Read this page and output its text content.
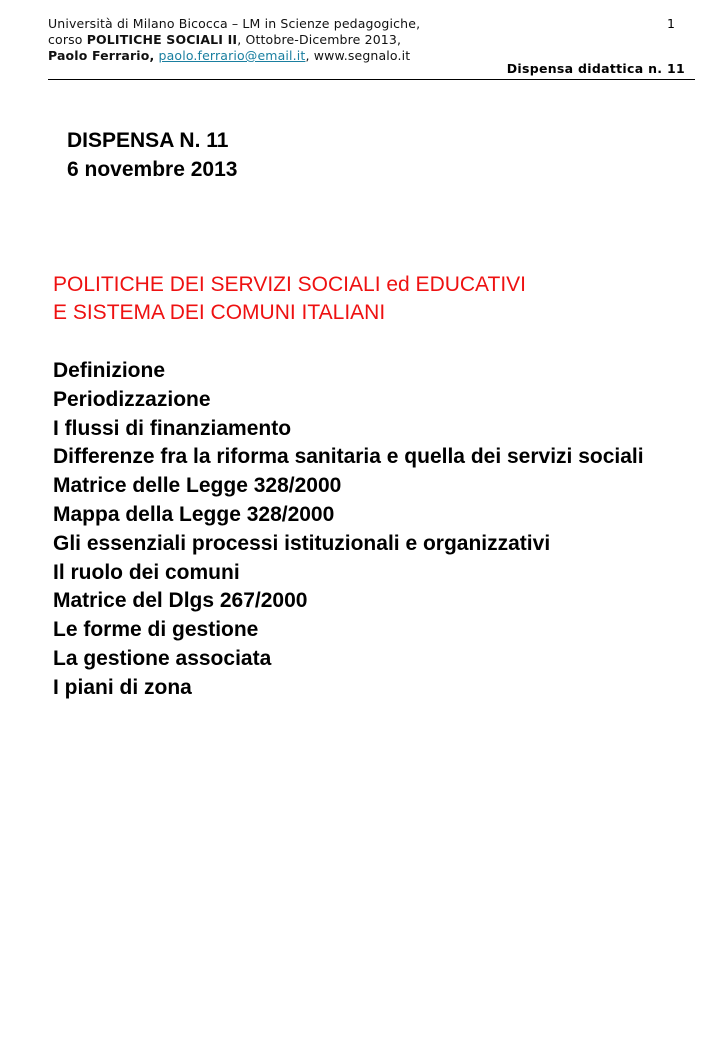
Università di Milano Bicocca – LM in Scienze pedagogiche,
corso POLITICHE SOCIALI II, Ottobre-Dicembre 2013,
Paolo Ferrario, paolo.ferrario@email.it, www.segnalo.it
1
Dispensa didattica n. 11
DISPENSA N. 11
6 novembre 2013
POLITICHE DEI SERVIZI SOCIALI ed EDUCATIVI
E SISTEMA DEI COMUNI ITALIANI
Definizione
Periodizzazione
I flussi di finanziamento
Differenze fra la riforma sanitaria e quella dei servizi sociali
Matrice delle Legge 328/2000
Mappa della Legge 328/2000
Gli essenziali processi istituzionali e organizzativi
Il ruolo dei comuni
Matrice del Dlgs 267/2000
Le forme di gestione
La gestione associata
I piani di zona
